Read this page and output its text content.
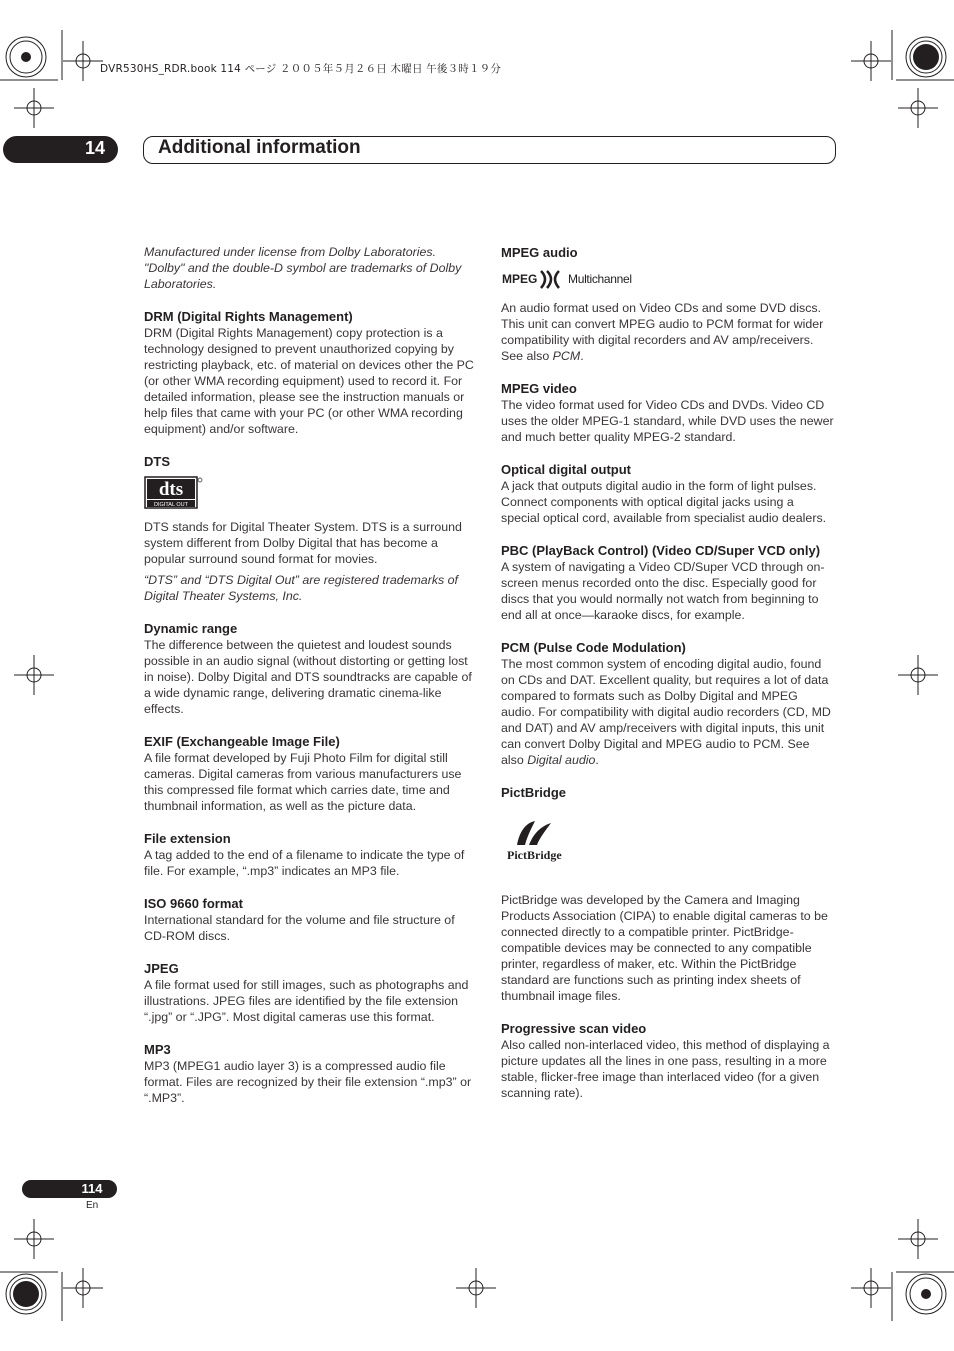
DVR530HS_RDR.book 114 ページ ２００５年５月２６日 木曜日 午後３時１９分
14	Additional information

Manufactured under license from Dolby Laboratories.

"Dolby" and the double-D symbol are trademarks of Dolby Laboratories.

DRM (Digital Rights Management)

DRM (Digital Rights Management) copy protection is a technology designed to prevent unauthorized copying by restricting playback, etc. of material on devices other the PC (or other WMA recording equipment) used to record it. For detailed information, please see the instruction manuals or help files that came with your PC (or other WMA recording equipment) and/or software.

DTS

dts
DIGITAL OUT

DTS stands for Digital Theater System. DTS is a surround system different from Dolby Digital that has become a popular surround sound format for movies.

“DTS” and “DTS Digital Out” are registered trademarks of Digital Theater Systems, Inc.

Dynamic range

The difference between the quietest and loudest sounds possible in an audio signal (without distorting or getting lost in noise). Dolby Digital and DTS soundtracks are capable of a wide dynamic range, delivering dramatic cinema-like effects.

EXIF (Exchangeable Image File)

A file format developed by Fuji Photo Film for digital still cameras. Digital cameras from various manufacturers use this compressed file format which carries date, time and thumbnail information, as well as the picture data.

File extension

A tag added to the end of a filename to indicate the type of file. For example, “.mp3” indicates an MP3 file.

ISO 9660 format

International standard for the volume and file structure of CD-ROM discs.

JPEG

A file format used for still images, such as photographs and illustrations. JPEG files are identified by the file extension “.jpg” or “.JPG”. Most digital cameras use this format.

MP3

MP3 (MPEG1 audio layer 3) is a compressed audio file format. Files are recognized by their file extension “.mp3” or “.MP3”.

MPEG audio

MPEG	Multichannel

An audio format used on Video CDs and some DVD discs. This unit can convert MPEG audio to PCM format for wider compatibility with digital recorders and AV amp/receivers. See also PCM.

MPEG video

The video format used for Video CDs and DVDs. Video CD uses the older MPEG-1 standard, while DVD uses the newer and much better quality MPEG-2 standard.

Optical digital output

A jack that outputs digital audio in the form of light pulses. Connect components with optical digital jacks using a special optical cord, available from specialist audio dealers.

PBC (PlayBack Control) (Video CD/Super VCD only)

A system of navigating a Video CD/Super VCD through on-screen menus recorded onto the disc. Especially good for discs that you would normally not watch from beginning to end all at once—karaoke discs, for example.

PCM (Pulse Code Modulation)

The most common system of encoding digital audio, found on CDs and DAT. Excellent quality, but requires a lot of data compared to formats such as Dolby Digital and MPEG audio. For compatibility with digital audio recorders (CD, MD and DAT) and AV amp/receivers with digital inputs, this unit can convert Dolby Digital and MPEG audio to PCM. See also Digital audio.

PictBridge

PictBridge

PictBridge was developed by the Camera and Imaging Products Association (CIPA) to enable digital cameras to be connected directly to a compatible printer. PictBridge-compatible devices may be connected to any compatible printer, regardless of maker, etc. Within the PictBridge standard are functions such as printing index sheets of thumbnail image files.

Progressive scan video

Also called non-interlaced video, this method of displaying a picture updates all the lines in one pass, resulting in a more stable, flicker-free image than interlaced video (for a given scanning rate).

114
En
